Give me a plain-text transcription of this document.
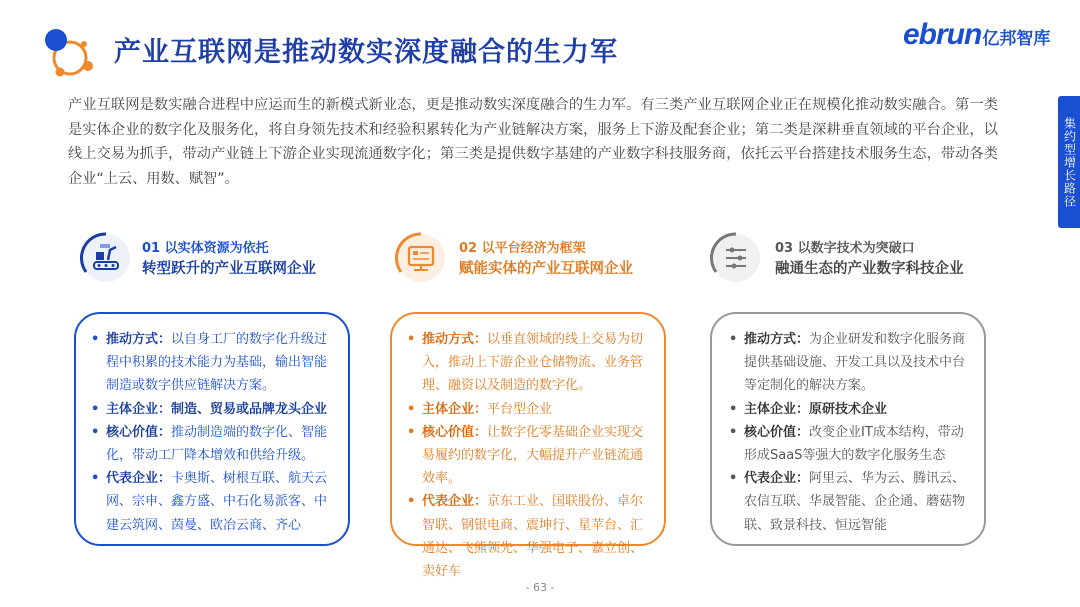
产业互联网是推动数实深度融合的生力军
ebrun亿邦智库
集约型增长路径
产业互联网是数实融合进程中应运而生的新模式新业态，更是推动数实深度融合的生力军。有三类产业互联网企业正在规模化推动数实融合。第一类是实体企业的数字化及服务化，将自身领先技术和经验积累转化为产业链解决方案，服务上下游及配套企业；第二类是深耕垂直领域的平台企业，以线上交易为抓手，带动产业链上下游企业实现流通数字化；第三类是提供数字基建的产业数字科技服务商，依托云平台搭建技术服务生态，带动各类企业“上云、用数、赋智”。
01 以实体资源为依托
转型跃升的产业互联网企业
02 以平台经济为框架
赋能实体的产业互联网企业
03 以数字技术为突破口
融通生态的产业数字科技企业
• 推动方式：以自身工厂的数字化升级过程中积累的技术能力为基础，输出智能制造或数字供应链解决方案。
• 主体企业：制造、贸易或品牌龙头企业
• 核心价值：推动制造端的数字化、智能化，带动工厂降本增效和供给升级。
• 代表企业：卡奥斯、树根互联、航天云网、宗申、鑫方盛、中石化易派客、中建云筑网、茵曼、欧冶云商、齐心
• 推动方式：以垂直领域的线上交易为切入，推动上下游企业仓储物流、业务管理、融资以及制造的数字化。
• 主体企业：平台型企业
• 核心价值：让数字化零基础企业实现交易履约的数字化，大幅提升产业链流通效率。
• 代表企业：京东工业、国联股份、卓尔智联、钢银电商、震坤行、星苹台、汇通达、飞熊领先、华强电子、嘉立创、卖好车
• 推动方式：为企业研发和数字化服务商提供基础设施、开发工具以及技术中台等定制化的解决方案。
• 主体企业：原研技术企业
• 核心价值：改变企业IT成本结构，带动形成SaaS等强大的数字化服务生态
• 代表企业：阿里云、华为云、腾讯云、农信互联、华晟智能、企企通、蘑菇物联、致景科技、恒远智能
- 63 -
